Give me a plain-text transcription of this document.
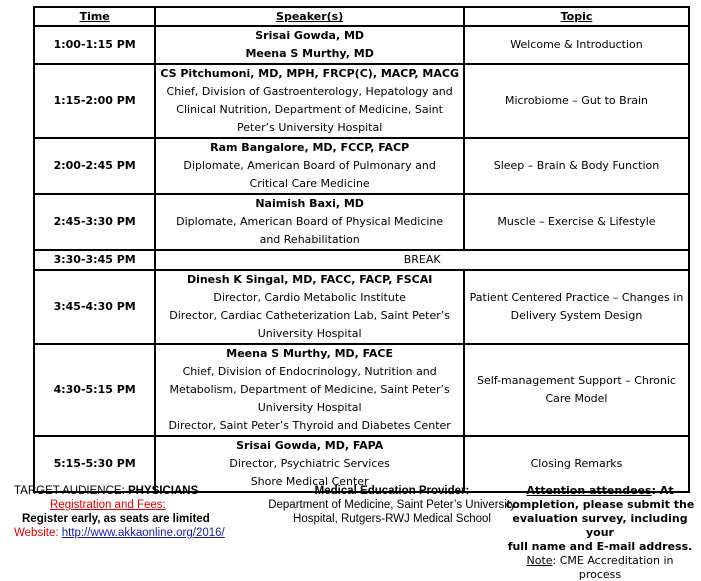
Time	Speaker(s)	Topic
1:00-1:15 PM	Srisai Gowda, MD
Meena S Murthy, MD	Welcome & Introduction

1:15-2:00 PM	CS Pitchumoni, MD, MPH, FRCP(C), MACP, MACG
Chief, Division of Gastroenterology, Hepatology and
Clinical Nutrition, Department of Medicine, Saint
Peter’s University Hospital	Microbiome – Gut to Brain

2:00-2:45 PM	Ram Bangalore, MD, FCCP, FACP
Diplomate, American Board of Pulmonary and
Critical Care Medicine	Sleep – Brain & Body Function

2:45-3:30 PM	Naimish Baxi, MD
Diplomate, American Board of Physical Medicine
and Rehabilitation	Muscle – Exercise & Lifestyle

3:30-3:45 PM	BREAK	
3:45-4:30 PM	Dinesh K Singal, MD, FACC, FACP, FSCAI
Director, Cardio Metabolic Institute
Director, Cardiac Catheterization Lab, Saint Peter’s
University Hospital	Patient Centered Practice – Changes in
Delivery System Design

4:30-5:15 PM	Meena S Murthy, MD, FACE
Chief, Division of Endocrinology, Nutrition and
Metabolism, Department of Medicine, Saint Peter’s
University Hospital
Director, Saint Peter’s Thyroid and Diabetes Center	Self-management Support – Chronic
Care Model

5:15-5:30 PM	Srisai Gowda, MD, FAPA
Director, Psychiatric Services
Shore Medical Center	Closing Remarks
TARGET AUDIENCE: PHYSICIANS
Registration and Fees:
Register early, as seats are limited
Website: http://www.akkaonline.org/2016/
Medical Education Provider:
Department of Medicine, Saint Peter’s University
Hospital, Rutgers-RWJ Medical School
Attention attendees: At
completion, please submit the
evaluation survey, including your
full name and E-mail address.
Note: CME Accreditation in process
